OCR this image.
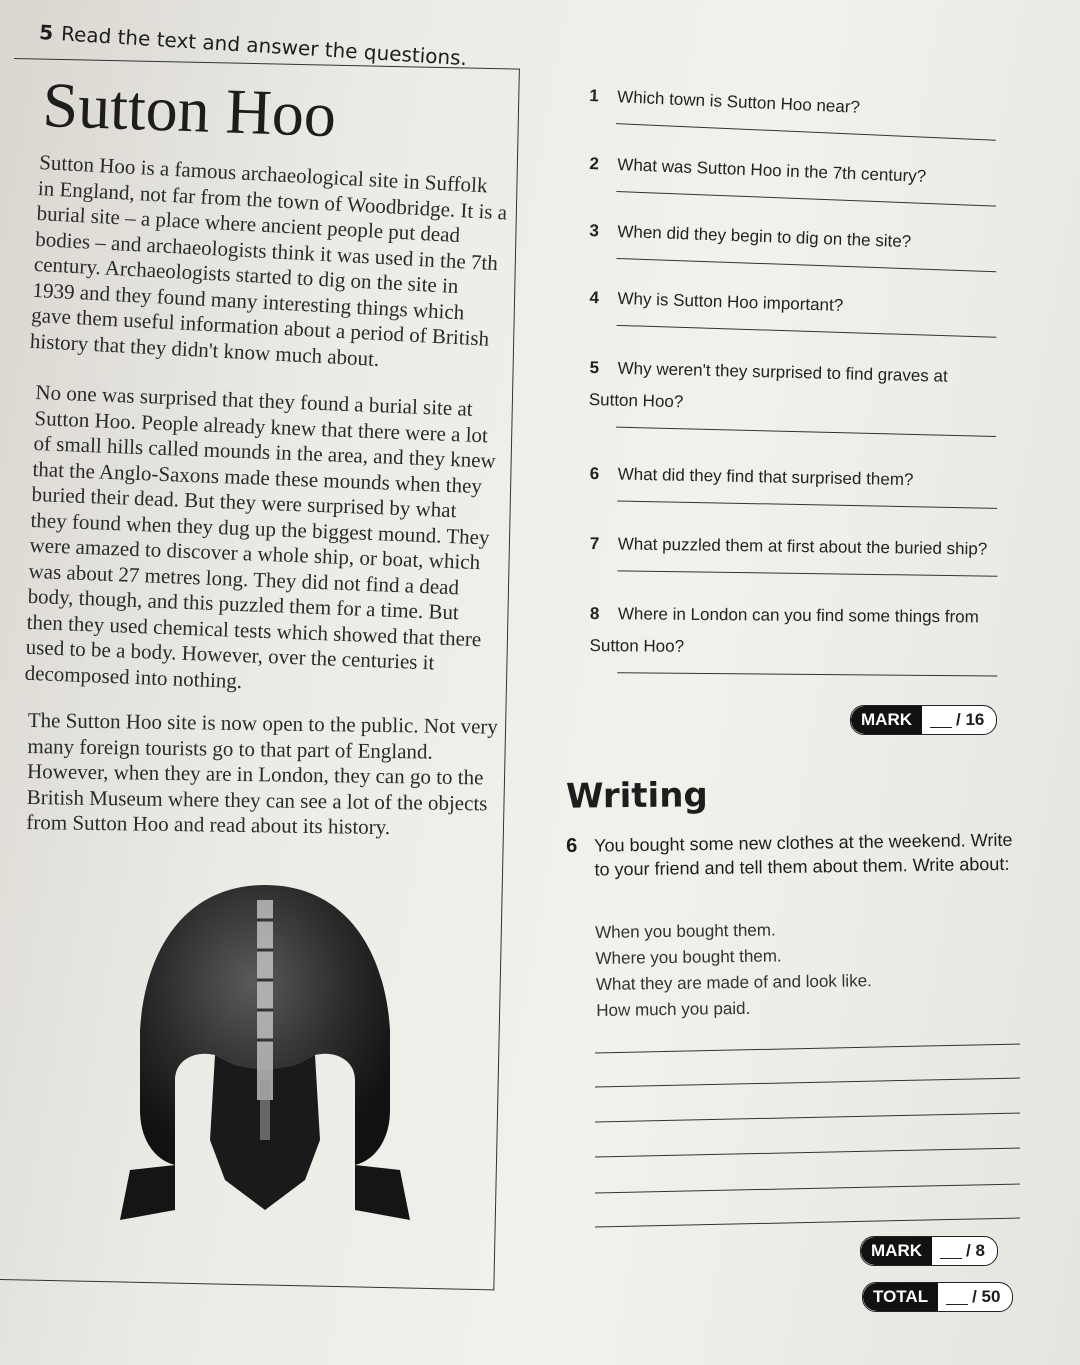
5 Read the text and answer the questions.
Sutton Hoo

Sutton Hoo is a famous archaeological site in Suffolk in England, not far from the town of Woodbridge. It is a burial site – a place where ancient people put dead bodies – and archaeologists think it was used in the 7th century. Archaeologists started to dig on the site in 1939 and they found many interesting things which gave them useful information about a period of British history that they didn't know much about.

No one was surprised that they found a burial site at Sutton Hoo. People already knew that there were a lot of small hills called mounds in the area, and they knew that the Anglo-Saxons made these mounds when they buried their dead. But they were surprised by what they found when they dug up the biggest mound. They were amazed to discover a whole ship, or boat, which was about 27 metres long. They did not find a dead body, though, and this puzzled them for a time. But then they used chemical tests which showed that there used to be a body. However, over the centuries it decomposed into nothing.

The Sutton Hoo site is now open to the public. Not very many foreign tourists go to that part of England. However, when they are in London, they can go to the British Museum where they can see a lot of the objects from Sutton Hoo and read about its history.

1 Which town is Sutton Hoo near?
2 What was Sutton Hoo in the 7th century?
3 When did they begin to dig on the site?
4 Why is Sutton Hoo important?
5 Why weren't they surprised to find graves at Sutton Hoo?
6 What did they find that surprised them?
7 What puzzled them at first about the buried ship?
8 Where in London can you find some things from Sutton Hoo?
MARK	/ 16
Writing
6 You bought some new clothes at the weekend. Write to your friend and tell them about them. Write about:
When you bought them.
Where you bought them.
What they are made of and look like.
How much you paid.
MARK	/ 8
TOTAL	/ 50
